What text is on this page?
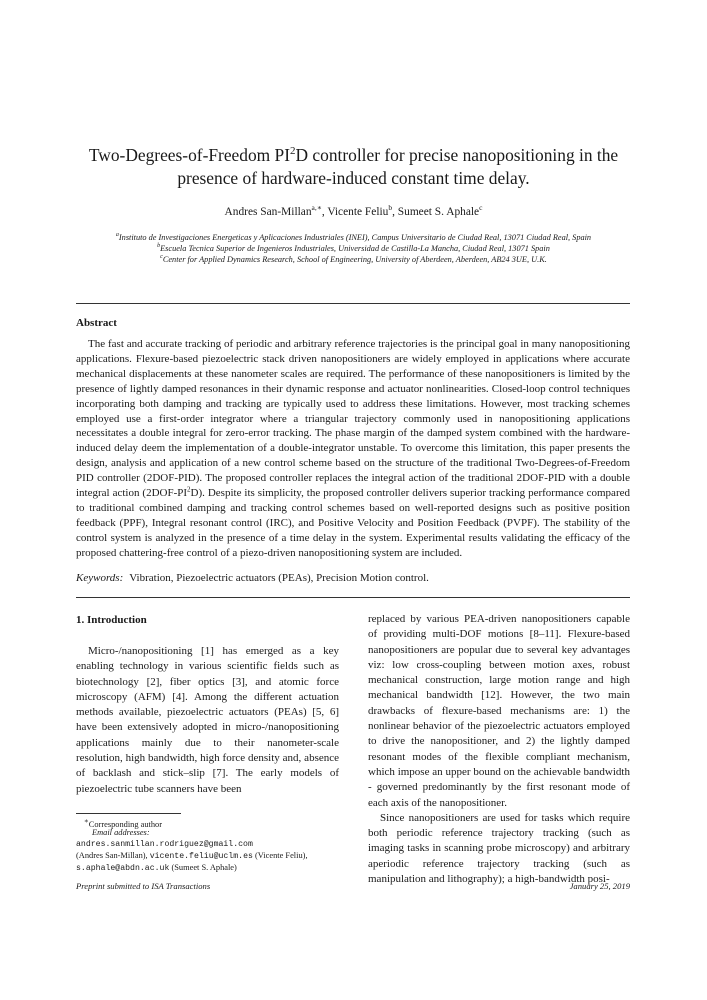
Two-Degrees-of-Freedom $PI^2D$ controller for precise nanopositioning in the
presence of hardware-induced constant time delay.
Andres San-Millan$^{a,∗}$, Vicente Feliu$^b$, Sumeet S. Aphale$^c$
$^a$Instituto de Investigaciones Energeticas y Aplicaciones Industriales (INEI), Campus Universitario de Ciudad Real, 13071 Ciudad Real, Spain
$^b$Escuela Tecnica Superior de Ingenieros Industriales, Universidad de Castilla-La Mancha, Ciudad Real, 13071 Spain
$^c$Center for Applied Dynamics Research, School of Engineering, University of Aberdeen, Aberdeen, AB24 3UE, U.K.
Abstract
The fast and accurate tracking of periodic and arbitrary reference trajectories is the principal goal in many nanopositioning applications. Flexure-based piezoelectric stack driven nanopositioners are widely employed in applications where accurate mechanical displacements at these nanometer scales are required. The performance of these nanopositioners is limited by the presence of lightly damped resonances in their dynamic response and actuator nonlinearities. Closed-loop control techniques incorporating both damping and tracking are typically used to address these limitations. However, most tracking schemes employed use a first-order integrator where a triangular trajectory commonly used in nanopositioning applications necessitates a double integral for zero-error tracking. The phase margin of the damped system combined with the hardware-induced delay deem the implementation of a double-integrator unstable. To overcome this limitation, this paper presents the design, analysis and application of a new control scheme based on the structure of the traditional Two-Degrees-of-Freedom PID controller (2DOF-PID). The proposed controller replaces the integral action of the traditional 2DOF-PID with a double integral action $(2DOF-PI^2D)$. Despite its simplicity, the proposed controller delivers superior tracking performance compared to traditional combined damping and tracking control schemes based on well-reported designs such as positive position feedback (PPF), Integral resonant control (IRC), and Positive Velocity and Position Feedback (PVPF). The stability of the control system is analyzed in the presence of a time delay in the system. Experimental results validating the efficacy of the proposed chattering-free control of a piezo-driven nanopositioning system are included.
Keywords: Vibration, Piezoelectric actuators (PEAs), Precision Motion control.
1. Introduction
Micro-/nanopositioning [1] has emerged as a key enabling technology in various scientific fields such as biotechnology [2], fiber optics [3], and atomic force microscopy (AFM) [4]. Among the different actuation methods available, piezoelectric actuators (PEAs) [5, 6] have been extensively adopted in micro-/nanopositioning applications mainly due to their nanometer-scale resolution, high bandwidth, high force density and, absence of backlash and stick–slip [7]. The early models of piezoelectric tube scanners have been

replaced by various PEA-driven nanopositioners capable of providing multi-DOF motions [8–11]. Flexure-based nanopositioners are popular due to several key advantages viz: low cross-coupling between motion axes, robust mechanical construction, large motion range and high mechanical bandwidth [12]. However, the two main drawbacks of flexure-based mechanisms are: 1) the nonlinear behavior of the piezoelectric actuators employed to drive the nanopositioner, and 2) the lightly damped resonant modes of the flexible compliant mechanism, which impose an upper bound on the achievable bandwidth - governed predominantly by the first resonant mode of each axis of the nanopositioner.

Since nanopositioners are used for tasks which require both periodic reference trajectory tracking (such as imaging tasks in scanning probe microscopy) and arbitrary aperiodic reference trajectory tracking (such as manipulation and lithography); a high-bandwidth posi-

∗Corresponding author
Email addresses:
andres.sanmillan.rodriguez@gmail.com
(Andres San-Millan), vicente.feliu@uclm.es (Vicente Feliu),
s.aphale@abdn.ac.uk (Sumeet S. Aphale)
Preprint submitted to ISA Transactions	January 25, 2019
